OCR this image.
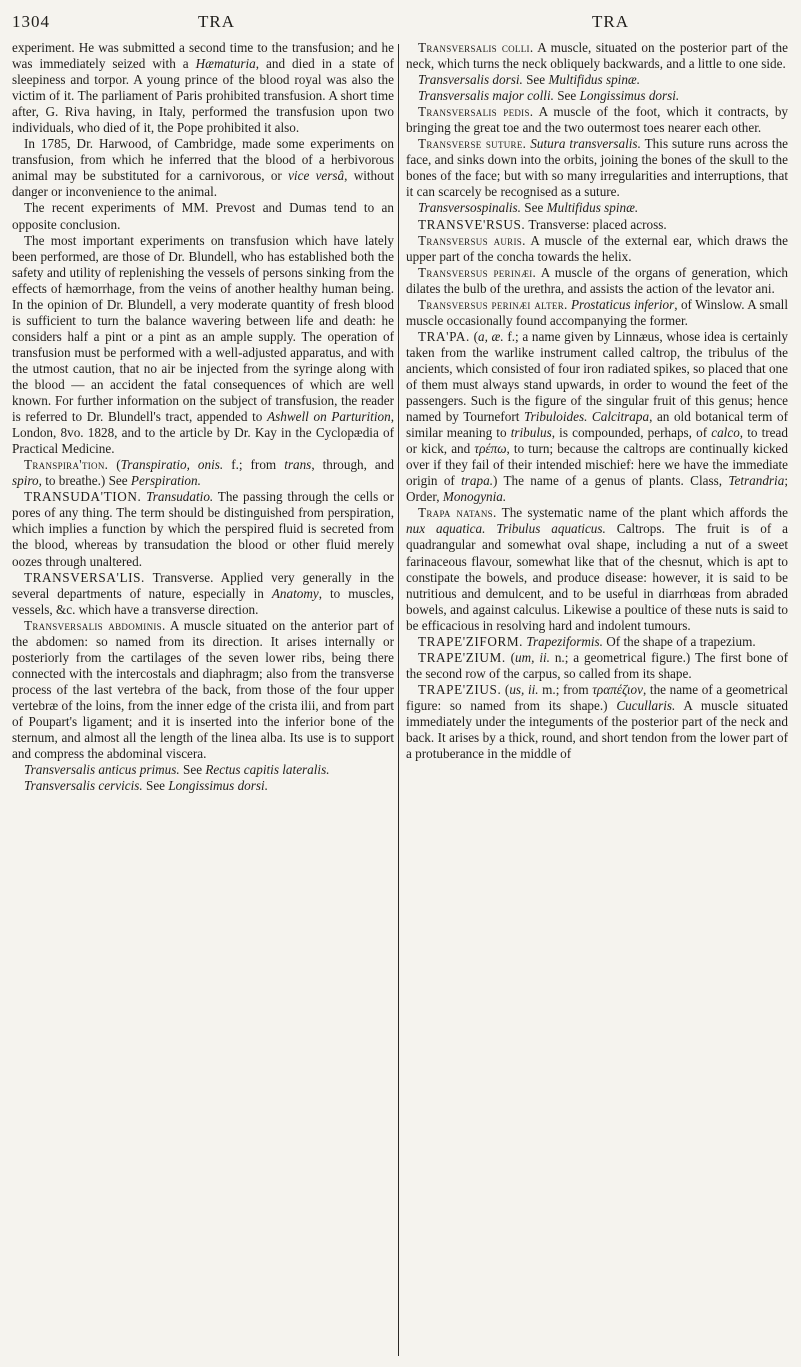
1304	TRA	TRA

experiment. He was submitted a second time to the transfusion; and he was immediately seized with a Hæmaturia, and died in a state of sleepiness and torpor. A young prince of the blood royal was also the victim of it. The parliament of Paris prohibited transfusion. A short time after, G. Riva having, in Italy, performed the transfusion upon two individuals, who died of it, the Pope prohibited it also.

In 1785, Dr. Harwood, of Cambridge, made some experiments on transfusion, from which he inferred that the blood of a herbivorous animal may be substituted for a carnivorous, or vice versâ, without danger or inconvenience to the animal.

The recent experiments of MM. Prevost and Dumas tend to an opposite conclusion.

The most important experiments on transfusion which have lately been performed, are those of Dr. Blundell, who has established both the safety and utility of replenishing the vessels of persons sinking from the effects of hæmorrhage, from the veins of another healthy human being. In the opinion of Dr. Blundell, a very moderate quantity of fresh blood is sufficient to turn the balance wavering between life and death: he considers half a pint or a pint as an ample supply. The operation of transfusion must be performed with a well-adjusted apparatus, and with the utmost caution, that no air be injected from the syringe along with the blood — an accident the fatal consequences of which are well known. For further information on the subject of transfusion, the reader is referred to Dr. Blundell's tract, appended to Ashwell on Parturition, London, 8vo. 1828, and to the article by Dr. Kay in the Cyclopædia of Practical Medicine.

Transpira'tion. (Transpiratio, onis. f.; from trans, through, and spiro, to breathe.) See Perspiration.

TRANSUDA'TION. Transudatio. The passing through the cells or pores of any thing. The term should be distinguished from perspiration, which implies a function by which the perspired fluid is secreted from the blood, whereas by transudation the blood or other fluid merely oozes through unaltered.

TRANSVERSA'LIS. Transverse. Applied very generally in the several departments of nature, especially in Anatomy, to muscles, vessels, &c. which have a transverse direction.

Transversalis abdominis. A muscle situated on the anterior part of the abdomen: so named from its direction. It arises internally or posteriorly from the cartilages of the seven lower ribs, being there connected with the intercostals and diaphragm; also from the transverse process of the last vertebra of the back, from those of the four upper vertebræ of the loins, from the inner edge of the crista ilii, and from part of Poupart's ligament; and it is inserted into the inferior bone of the sternum, and almost all the length of the linea alba. Its use is to support and compress the abdominal viscera.

Transversalis anticus primus. See Rectus capitis lateralis.

Transversalis cervicis. See Longissimus dorsi.

Transversalis colli. A muscle, situated on the posterior part of the neck, which turns the neck obliquely backwards, and a little to one side.

Transversalis dorsi. See Multifidus spinæ.

Transversalis major colli. See Longissimus dorsi.

Transversalis pedis. A muscle of the foot, which it contracts, by bringing the great toe and the two outermost toes nearer each other.

Transverse suture. Sutura transversalis. This suture runs across the face, and sinks down into the orbits, joining the bones of the skull to the bones of the face; but with so many irregularities and interruptions, that it can scarcely be recognised as a suture.

Transversospinalis. See Multifidus spinæ.

TRANSVE'RSUS. Transverse: placed across.

Transversus auris. A muscle of the external ear, which draws the upper part of the concha towards the helix.

Transversus perinæi. A muscle of the organs of generation, which dilates the bulb of the urethra, and assists the action of the levator ani.

Transversus perinæi alter. Prostaticus inferior, of Winslow. A small muscle occasionally found accompanying the former.

TRA'PA. (a, æ. f.; a name given by Linnæus, whose idea is certainly taken from the warlike instrument called caltrop, the tribulus of the ancients, which consisted of four iron radiated spikes, so placed that one of them must always stand upwards, in order to wound the feet of the passengers. Such is the figure of the singular fruit of this genus; hence named by Tournefort Tribuloides. Calcitrapa, an old botanical term of similar meaning to tribulus, is compounded, perhaps, of calco, to tread or kick, and τρέπω, to turn; because the caltrops are continually kicked over if they fail of their intended mischief: here we have the immediate origin of trapa.) The name of a genus of plants. Class, Tetrandria; Order, Monogynia.

Trapa natans. The systematic name of the plant which affords the nux aquatica. Tribulus aquaticus. Caltrops. The fruit is of a quadrangular and somewhat oval shape, including a nut of a sweet farinaceous flavour, somewhat like that of the chesnut, which is apt to constipate the bowels, and produce disease: however, it is said to be nutritious and demulcent, and to be useful in diarrhœas from abraded bowels, and against calculus. Likewise a poultice of these nuts is said to be efficacious in resolving hard and indolent tumours.

TRAPE'ZIFORM. Trapeziformis. Of the shape of a trapezium.

TRAPE'ZIUM. (um, ii. n.; a geometrical figure.) The first bone of the second row of the carpus, so called from its shape.

TRAPE'ZIUS. (us, ii. m.; from τραπέζιον, the name of a geometrical figure: so named from its shape.) Cucullaris. A muscle situated immediately under the integuments of the posterior part of the neck and back. It arises by a thick, round, and short tendon from the lower part of a protuberance in the middle of
